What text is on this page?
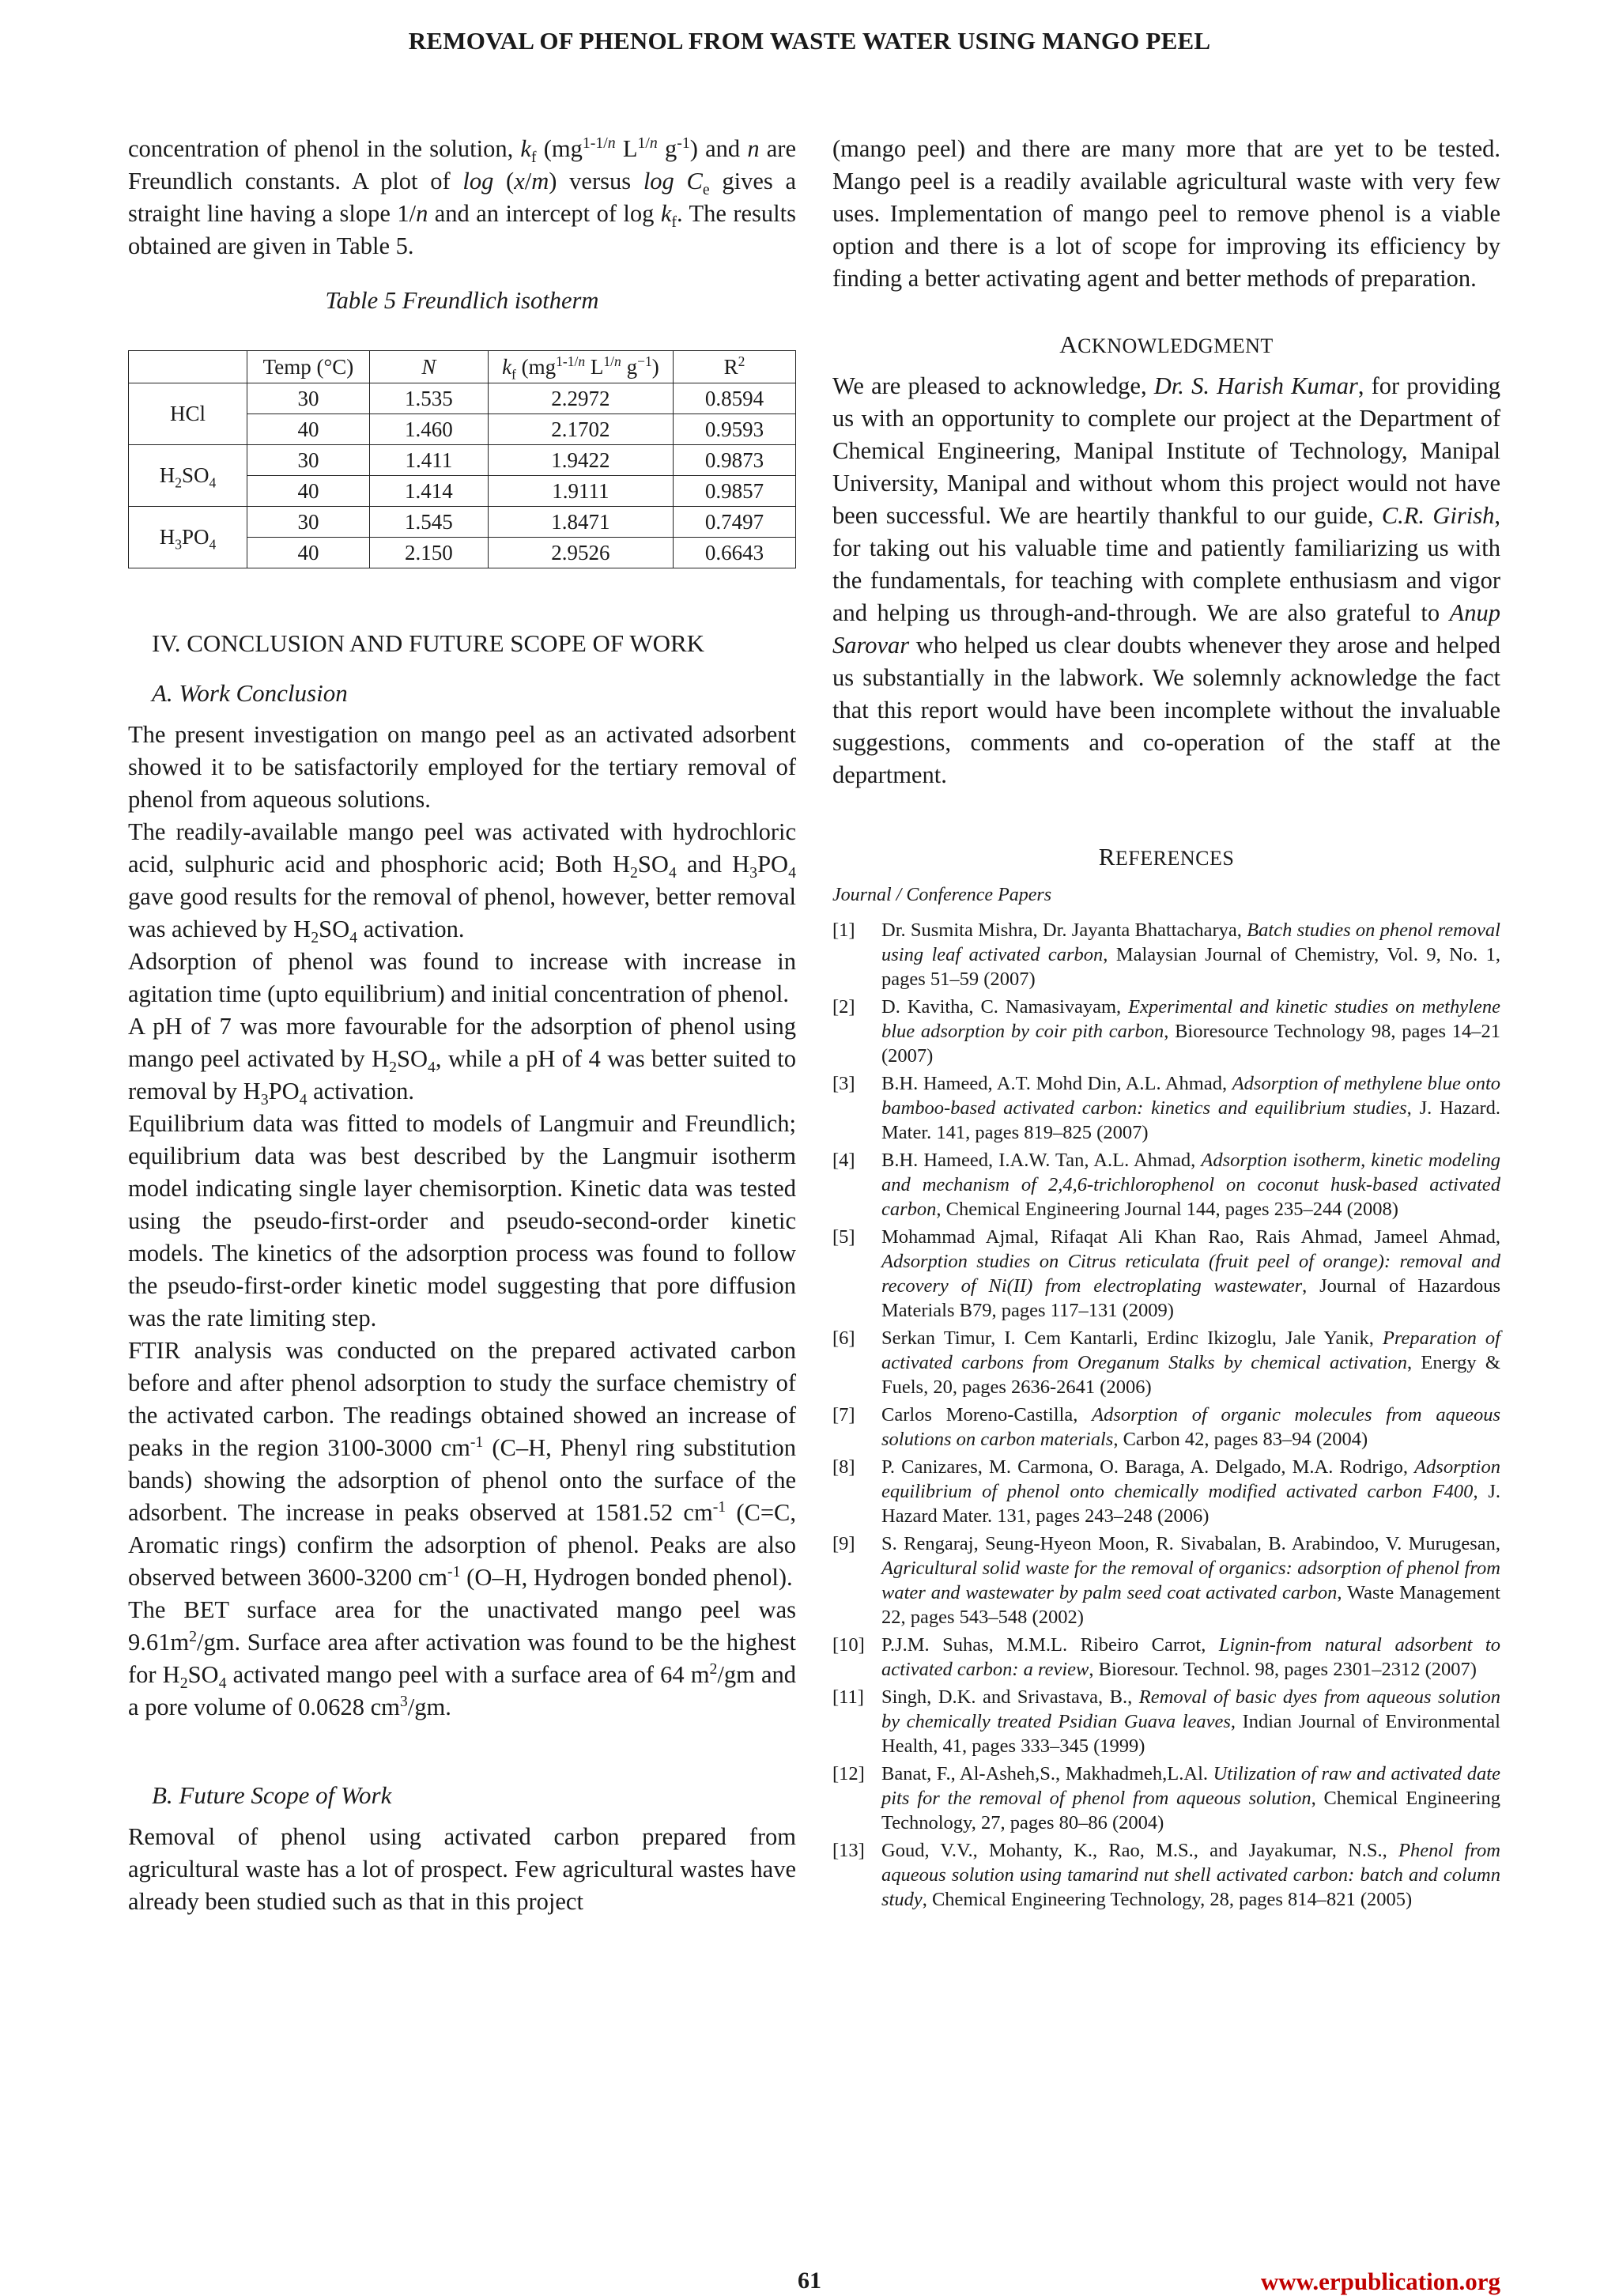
REMOVAL OF PHENOL FROM WASTE WATER USING MANGO PEEL

concentration of phenol in the solution, $k_f$ ($mg^{1-1/n}$ $L^{1/n}$ $g^{-1}$) and n are Freundlich constants. A plot of log (x/m) versus $\log C_e$ gives a straight line having a slope 1/n and an intercept of $\log k_f$. The results obtained are given in Table 5.

Table 5 Freundlich isotherm
	Temp (°C)	N	$k_f$ ($mg^{1-1/n}$ $L^{1/n}$ $g^{-1}$)	$R^2$
HCl	30	1.535	2.2972	0.8594
	40	1.460	2.1702	0.9593
$H_2SO_4$	30	1.411	1.9422	0.9873
	40	1.414	1.9111	0.9857
$H_3PO_4$	30	1.545	1.8471	0.7497
	40	2.150	2.9526	0.6643
IV. CONCLUSION AND FUTURE SCOPE OF WORK
A. Work Conclusion

The present investigation on mango peel as an activated adsorbent showed it to be satisfactorily employed for the tertiary removal of phenol from aqueous solutions.

The readily-available mango peel was activated with hydrochloric acid, sulphuric acid and phosphoric acid; Both $H_2SO_4$ and $H_3PO_4$ gave good results for the removal of phenol, however, better removal was achieved by $H_2SO_4$ activation.

Adsorption of phenol was found to increase with increase in agitation time (upto equilibrium) and initial concentration of phenol.

A pH of 7 was more favourable for the adsorption of phenol using mango peel activated by $H_2SO_4$, while a pH of 4 was better suited to removal by $H_3PO_4$ activation.

Equilibrium data was fitted to models of Langmuir and Freundlich; equilibrium data was best described by the Langmuir isotherm model indicating single layer chemisorption. Kinetic data was tested using the pseudo-first-order and pseudo-second-order kinetic models. The kinetics of the adsorption process was found to follow the pseudo-first-order kinetic model suggesting that pore diffusion was the rate limiting step.

FTIR analysis was conducted on the prepared activated carbon before and after phenol adsorption to study the surface chemistry of the activated carbon. The readings obtained showed an increase of peaks in the region 3100-3000 $cm^{-1}$ (C–H, Phenyl ring substitution bands) showing the adsorption of phenol onto the surface of the adsorbent. The increase in peaks observed at 1581.52 $cm^{-1}$ (C=C, Aromatic rings) confirm the adsorption of phenol. Peaks are also observed between 3600-3200 $cm^{-1}$ (O–H, Hydrogen bonded phenol).

The BET surface area for the unactivated mango peel was $9.61m^2/gm$. Surface area after activation was found to be the highest for $H_2SO_4$ activated mango peel with a surface area of 64 $m^2/gm$ and a pore volume of 0.0628 $cm^3/gm$.

B. Future Scope of Work

Removal of phenol using activated carbon prepared from agricultural waste has a lot of prospect. Few agricultural wastes have already been studied such as that in this project

(mango peel) and there are many more that are yet to be tested. Mango peel is a readily available agricultural waste with very few uses. Implementation of mango peel to remove phenol is a viable option and there is a lot of scope for improving its efficiency by finding a better activating agent and better methods of preparation.

ACKNOWLEDGMENT

We are pleased to acknowledge, Dr. S. Harish Kumar, for providing us with an opportunity to complete our project at the Department of Chemical Engineering, Manipal Institute of Technology, Manipal University, Manipal and without whom this project would not have been successful. We are heartily thankful to our guide, C.R. Girish, for taking out his valuable time and patiently familiarizing us with the fundamentals, for teaching with complete enthusiasm and vigor and helping us through-and-through. We are also grateful to Anup Sarovar who helped us clear doubts whenever they arose and helped us substantially in the labwork. We solemnly acknowledge the fact that this report would have been incomplete without the invaluable suggestions, comments and co-operation of the staff at the department.

REFERENCES
Journal / Conference Papers
[1]	Dr. Susmita Mishra, Dr. Jayanta Bhattacharya, Batch studies on phenol removal using leaf activated carbon, Malaysian Journal of Chemistry, Vol. 9, No. 1, pages 51–59 (2007)
[2]	D. Kavitha, C. Namasivayam, Experimental and kinetic studies on methylene blue adsorption by coir pith carbon, Bioresource Technology 98, pages 14–21 (2007)
[3]	B.H. Hameed, A.T. Mohd Din, A.L. Ahmad, Adsorption of methylene blue onto bamboo-based activated carbon: kinetics and equilibrium studies, J. Hazard. Mater. 141, pages 819–825 (2007)
[4]	B.H. Hameed, I.A.W. Tan, A.L. Ahmad, Adsorption isotherm, kinetic modeling and mechanism of 2,4,6-trichlorophenol on coconut husk-based activated carbon, Chemical Engineering Journal 144, pages 235–244 (2008)
[5]	Mohammad Ajmal, Rifaqat Ali Khan Rao, Rais Ahmad, Jameel Ahmad, Adsorption studies on Citrus reticulata (fruit peel of orange): removal and recovery of Ni(II) from electroplating wastewater, Journal of Hazardous Materials B79, pages 117–131 (2009)
[6]	Serkan Timur, I. Cem Kantarli, Erdinc Ikizoglu, Jale Yanik, Preparation of activated carbons from Oreganum Stalks by chemical activation, Energy & Fuels, 20, pages 2636-2641 (2006)
[7]	Carlos Moreno-Castilla, Adsorption of organic molecules from aqueous solutions on carbon materials, Carbon 42, pages 83–94 (2004)
[8]	P. Canizares, M. Carmona, O. Baraga, A. Delgado, M.A. Rodrigo, Adsorption equilibrium of phenol onto chemically modified activated carbon F400, J. Hazard Mater. 131, pages 243–248 (2006)
[9]	S. Rengaraj, Seung-Hyeon Moon, R. Sivabalan, B. Arabindoo, V. Murugesan, Agricultural solid waste for the removal of organics: adsorption of phenol from water and wastewater by palm seed coat activated carbon, Waste Management 22, pages 543–548 (2002)
[10] P.J.M. Suhas, M.M.L. Ribeiro Carrot, Lignin-from natural adsorbent to activated carbon: a review, Bioresour. Technol. 98, pages 2301–2312 (2007)
[11] Singh, D.K. and Srivastava, B., Removal of basic dyes from aqueous solution by chemically treated Psidian Guava leaves, Indian Journal of Environmental Health, 41, pages 333–345 (1999)
[12] Banat, F., Al-Asheh,S., Makhadmeh,L.Al. Utilization of raw and activated date pits for the removal of phenol from aqueous solution, Chemical Engineering Technology, 27, pages 80–86 (2004)
[13] Goud, V.V., Mohanty, K., Rao, M.S., and Jayakumar, N.S., Phenol from aqueous solution using tamarind nut shell activated carbon: batch and column study, Chemical Engineering Technology, 28, pages 814–821 (2005)
61	www.erpublication.org
